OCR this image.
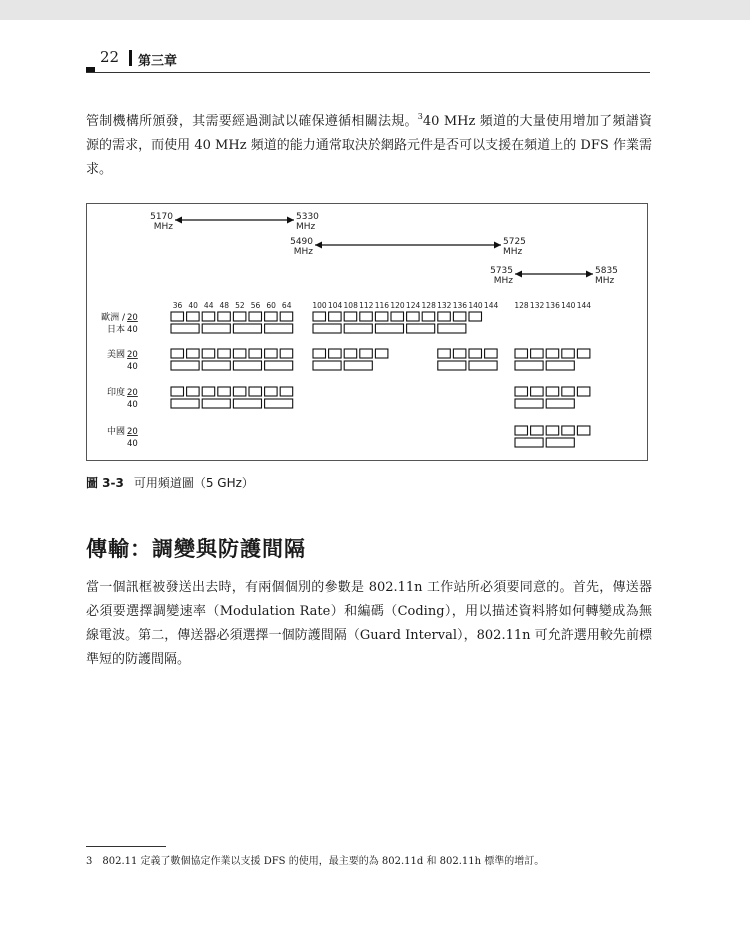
22 第三章

管制機構所頒發，其需要經過測試以確保遵循相關法規。$^3$40 MHz 頻道的大量使用增加了頻譜資源的需求，而使用 40 MHz 頻道的能力通常取決於網路元件是否可以支援在頻道上的 DFS 作業需求。

5170
MHz
5330
MHz
5490
MHz
5725
MHz
5735
MHz
5835
MHz
36 40 44 48 52 56 60 64	100 104 108 112 116 120 124 128 132 136 140 144 128 132 136 140 144
歐洲 /
日本
20
40
美國 20
40
印度 20
40
中國 20
40
圖 3-3 可用頻道圖（5 GHz）
傳輸：調變與防護間隔

當一個訊框被發送出去時，有兩個個別的參數是 802.11n 工作站所必須要同意的。首先，傳送器必須要選擇調變速率（Modulation Rate）和編碼（Coding），用以描述資料將如何轉變成為無線電波。第二，傳送器必須選擇一個防護間隔（Guard Interval），802.11n 可允許選用較先前標準短的防護間隔。

3 802.11 定義了數個協定作業以支援 DFS 的使用，最主要的為 802.11d 和 802.11h 標準的增訂。
